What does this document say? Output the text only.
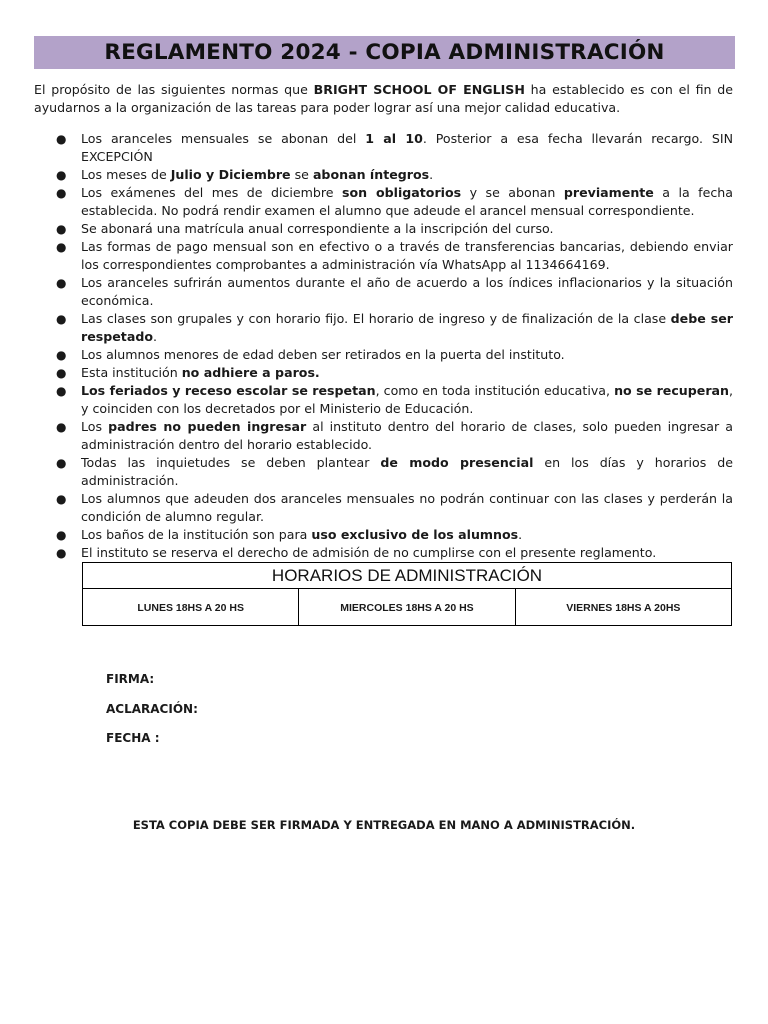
REGLAMENTO 2024 - COPIA ADMINISTRACIÓN

El propósito de las siguientes normas que BRIGHT SCHOOL OF ENGLISH ha establecido es con el fin de ayudarnos a la organización de las tareas para poder lograr así una mejor calidad educativa.

● Los aranceles mensuales se abonan del 1 al 10. Posterior a esa fecha llevarán recargo. SIN EXCEPCIÓN
● Los meses de Julio y Diciembre se abonan íntegros.
● Los exámenes del mes de diciembre son obligatorios y se abonan previamente a la fecha establecida. No podrá rendir examen el alumno que adeude el arancel mensual correspondiente.
● Se abonará una matrícula anual correspondiente a la inscripción del curso.
● Las formas de pago mensual son en efectivo o a través de transferencias bancarias, debiendo enviar los correspondientes comprobantes a administración vía WhatsApp al 1134664169.
● Los aranceles sufrirán aumentos durante el año de acuerdo a los índices inflacionarios y la situación económica.
● Las clases son grupales y con horario fijo. El horario de ingreso y de finalización de la clase debe ser respetado.
● Los alumnos menores de edad deben ser retirados en la puerta del instituto.
● Esta institución no adhiere a paros.
● Los feriados y receso escolar se respetan, como en toda institución educativa, no se recuperan, y coinciden con los decretados por el Ministerio de Educación.
● Los padres no pueden ingresar al instituto dentro del horario de clases, solo pueden ingresar a administración dentro del horario establecido.
● Todas las inquietudes se deben plantear de modo presencial en los días y horarios de administración.
● Los alumnos que adeuden dos aranceles mensuales no podrán continuar con las clases y perderán la condición de alumno regular.
● Los baños de la institución son para uso exclusivo de los alumnos.
● El instituto se reserva el derecho de admisión de no cumplirse con el presente reglamento.
HORARIOS DE ADMINISTRACIÓN
LUNES 18HS A 20 HS	MIERCOLES 18HS A 20 HS	VIERNES 18HS A 20HS
FIRMA:
ACLARACIÓN:
FECHA :
ESTA COPIA DEBE SER FIRMADA Y ENTREGADA EN MANO A ADMINISTRACIÓN.
